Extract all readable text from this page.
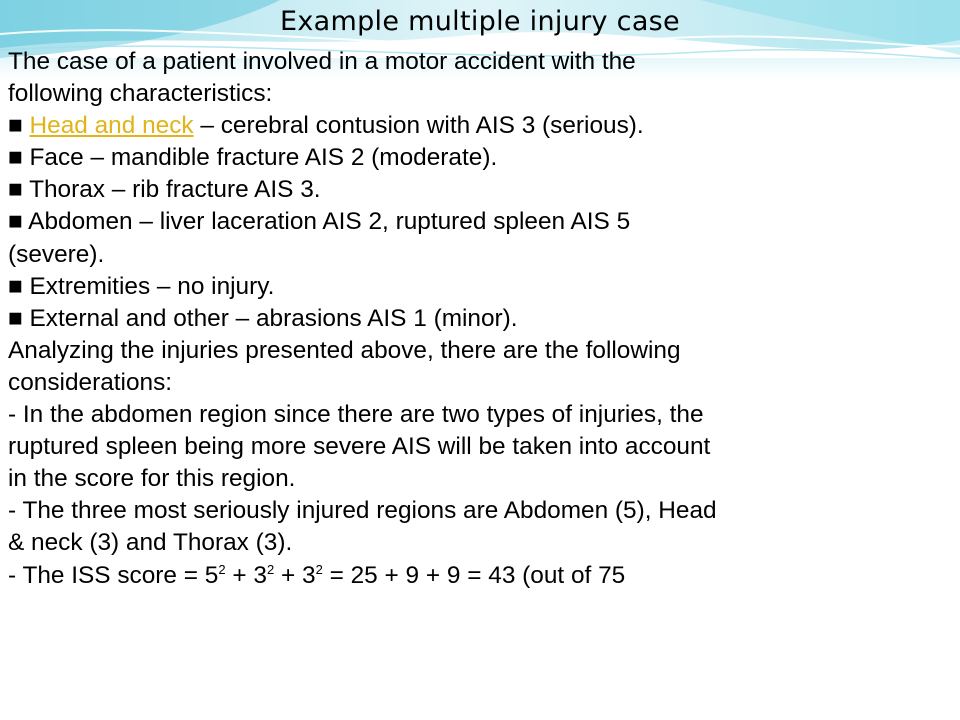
Example multiple injury case

The case of a patient involved in a motor accident with the

following characteristics:

■ Head and neck – cerebral contusion with AIS 3 (serious).

■ Face – mandible fracture AIS 2 (moderate).

■ Thorax – rib fracture AIS 3.

■ Abdomen – liver laceration AIS 2, ruptured spleen AIS 5

(severe).

■ Extremities – no injury.

■ External and other – abrasions AIS 1 (minor).

Analyzing the injuries presented above, there are the following

considerations:

- In the abdomen region since there are two types of injuries, the

ruptured spleen being more severe AIS will be taken into account

in the score for this region.

- The three most seriously injured regions are Abdomen (5), Head

& neck (3) and Thorax (3).

- The ISS score = $5^2 + 3^2 + 3^2 = 25 + 9 + 9 = 43$ (out of 75
